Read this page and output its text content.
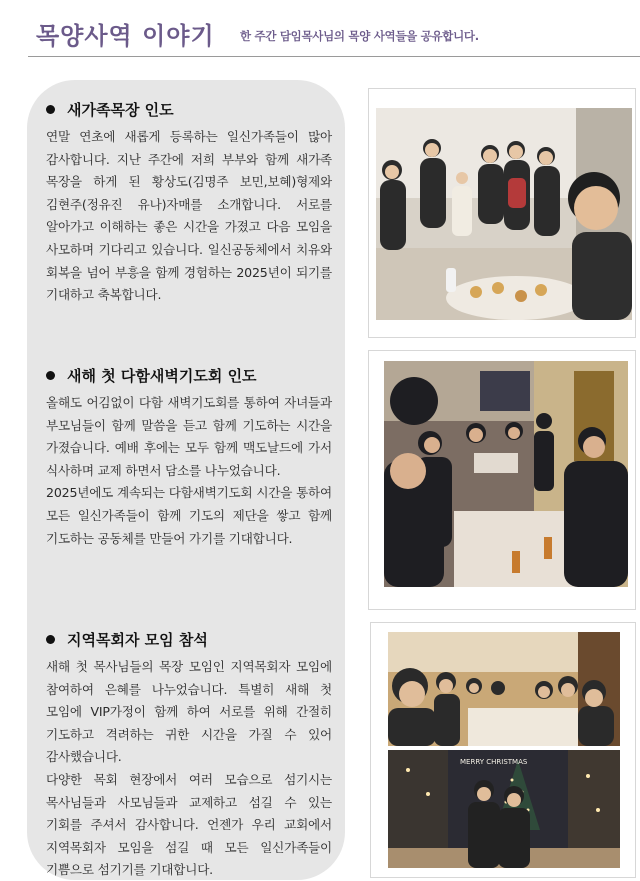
목양사역 이야기 한 주간 담임목사님의 목양 사역들을 공유합니다.
새가족목장 인도

연말 연초에 새롭게 등록하는 일신가족들이 많아 감사합니다. 지난 주간에 저희 부부와 함께 새가족 목장을 하게 된 황상도(김명주 보민,보혜)형제와 김현주(정유진 유나)자매를 소개합니다. 서로를 알아가고 이해하는 좋은 시간을 가졌고 다음 모임을 사모하며 기다리고 있습니다. 일신공동체에서 치유와 회복을 넘어 부흥을 함께 경험하는 2025년이 되기를 기대하고 축복합니다.

새해 첫 다함새벽기도회 인도

올해도 어김없이 다함 새벽기도회를 통하여 자녀들과 부모님들이 함께 말씀을 듣고 함께 기도하는 시간을 가졌습니다. 예배 후에는 모두 함께 맥도날드에 가서 식사하며 교제 하면서 담소를 나누었습니다.

2025년에도 계속되는 다함새벽기도회 시간을 통하여 모든 일신가족들이 함께 기도의 제단을 쌓고 함께 기도하는 공동체를 만들어 가기를 기대합니다.

지역목회자 모임 참석

새해 첫 목사님들의 목장 모임인 지역목회자 모임에 참여하여 은혜를 나누었습니다. 특별히 새해 첫 모임에 VIP가정이 함께 하여 서로를 위해 간절히 기도하고 격려하는 귀한 시간을 가질 수 있어 감사했습니다.

다양한 목회 현장에서 여러 모습으로 섬기시는 목사님들과 사모님들과 교제하고 섬길 수 있는 기회를 주셔서 감사합니다. 언젠가 우리 교회에서 지역목회자 모임을 섬길 때 모든 일신가족들이 기쁨으로 섬기기를 기대합니다.

MERRY CHRISTMAS
